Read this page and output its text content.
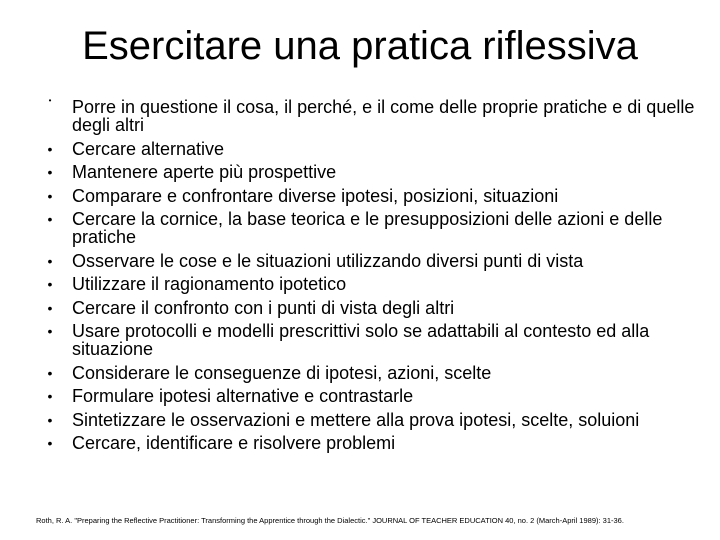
Esercitare una pratica riflessiva
•	Porre in questione il cosa, il perché, e il come delle proprie pratiche e di quelle degli altri
•	Cercare alternative
•	Mantenere aperte più prospettive
•	Comparare e confrontare diverse ipotesi, posizioni, situazioni
•	Cercare la cornice, la base teorica e le presupposizioni delle azioni e delle pratiche
•	Osservare le cose e le situazioni utilizzando diversi punti di vista
•	Utilizzare il ragionamento ipotetico
•	Cercare il confronto con i punti di vista degli altri
•	Usare protocolli e modelli prescrittivi solo se adattabili al contesto ed alla situazione
•	Considerare le conseguenze di ipotesi, azioni, scelte
•	Formulare ipotesi alternative e contrastarle
•	Sintetizzare le osservazioni e mettere alla prova ipotesi, scelte, soluioni
•	Cercare, identificare e risolvere problemi
Roth, R. A. "Preparing the Reflective Practitioner: Transforming the Apprentice through the Dialectic." JOURNAL OF TEACHER EDUCATION 40, no. 2 (March-April 1989): 31-36.
